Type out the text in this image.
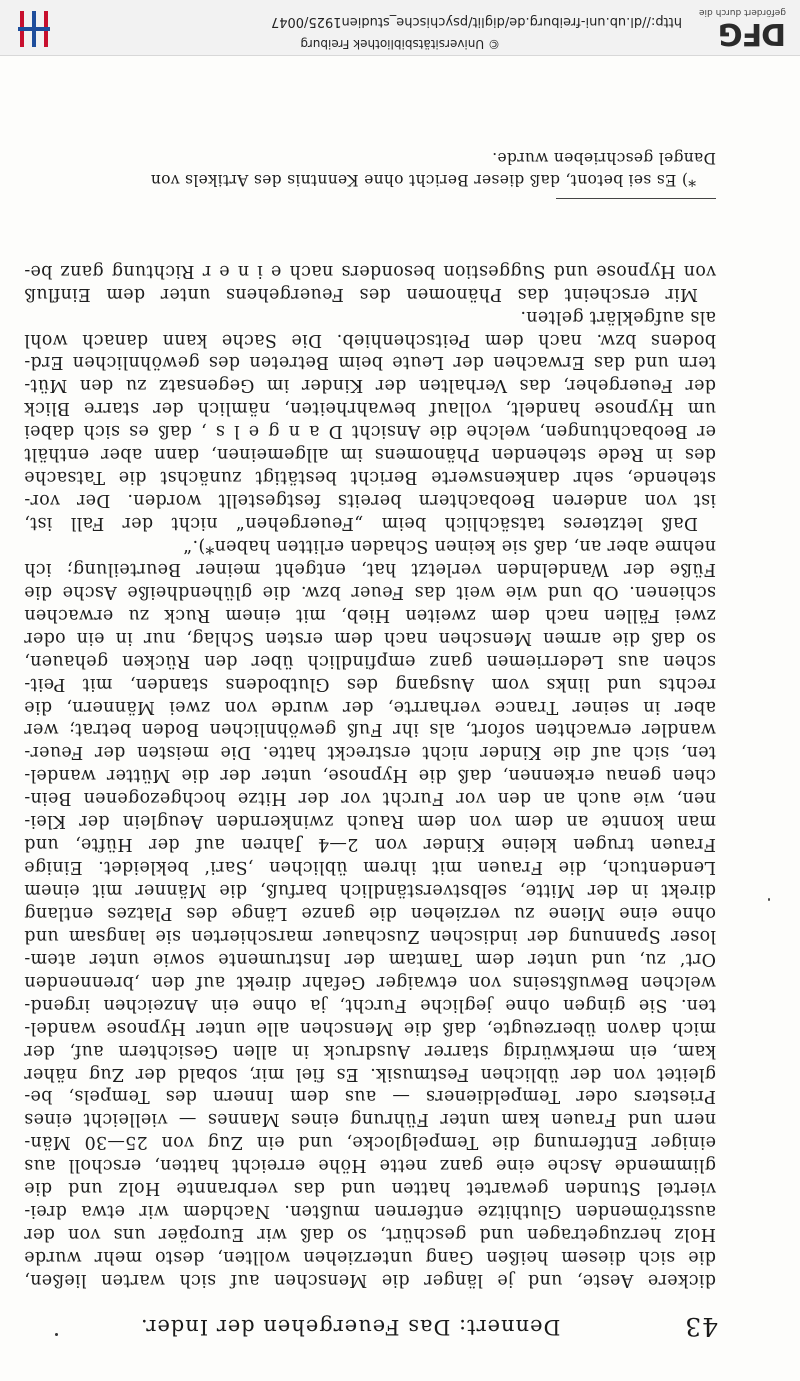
43
Dennert: Das Feuergehen der Inder.
dickere Aeste, und je länger die Menschen auf sich warten ließen,
die sich diesem heißen Gang unterziehen wollten, desto mehr wurde
Holz herzugetragen und geschürt, so daß wir Europäer uns von der
ausströmenden Gluthitze entfernen mußten. Nachdem wir etwa drei-
viertel Stunden gewartet hatten und das verbrannte Holz und die
glimmende Asche eine ganz nette Höhe erreicht hatten, erscholl aus
einiger Entfernung die Tempelglocke, und ein Zug von 25—30 Män-
nern und Frauen kam unter Führung eines Mannes — vielleicht eines
Priesters oder Tempeldieners — aus dem Innern des Tempels, be-
gleitet von der üblichen Festmusik. Es fiel mir, sobald der Zug näher
kam, ein merkwürdig starrer Ausdruck in allen Gesichtern auf, der
mich davon überzeugte, daß die Menschen alle unter Hypnose wandel-
ten. Sie gingen ohne jegliche Furcht, ja ohne ein Anzeichen irgend-
welchen Bewußtseins von etwaiger Gefahr direkt auf den ‚brennenden
Ort‘ zu, und unter dem Tamtam der Instrumente sowie unter atem-
loser Spannung der indischen Zuschauer marschierten sie langsam und
ohne eine Miene zu verziehen die ganze Länge des Platzes entlang
direkt in der Mitte, selbstverständlich barfuß, die Männer mit einem
Lendentuch, die Frauen mit ihrem üblichen ‚Sari‘ bekleidet. Einige
Frauen trugen kleine Kinder von 2—4 Jahren auf der Hüfte, und
man konnte an dem von dem Rauch zwinkernden Aeuglein der Klei-
nen, wie auch an den vor Furcht vor der Hitze hochgezogenen Bein-
chen genau erkennen, daß die Hypnose, unter der die Mütter wandel-
ten, sich auf die Kinder nicht erstreckt hatte. Die meisten der Feuer-
wandler erwachten sofort, als ihr Fuß gewöhnlichen Boden betrat; wer
aber in seiner Trance verharrte, der wurde von zwei Männern, die
rechts und links vom Ausgang des Glutbodens standen, mit Peit-
schen aus Lederriemen ganz empfindlich über den Rücken gehauen,
so daß die armen Menschen nach dem ersten Schlag, nur in ein oder
zwei Fällen nach dem zweiten Hieb, mit einem Ruck zu erwachen
schienen. Ob und wie weit das Feuer bzw. die glühendheiße Asche die
Füße der Wandelnden verletzt hat, entgeht meiner Beurteilung; ich
nehme aber an, daß sie keinen Schaden erlitten haben*).“
Daß letzteres tatsächlich beim „Feuergehen“ nicht der Fall ist,
ist von anderen Beobachtern bereits festgestellt worden. Der vor-
stehende, sehr dankenswerte Bericht bestätigt zunächst die Tatsache
des in Rede stehenden Phänomens im allgemeinen, dann aber enthält
er Beobachtungen, welche die Ansicht D a n g e l s , daß es sich dabei
um Hypnose handelt, vollauf bewahrheiten, nämlich der starre Blick
der Feuergeher, das Verhalten der Kinder im Gegensatz zu den Müt-
tern und das Erwachen der Leute beim Betreten des gewöhnlichen Erd-
bodens bzw. nach dem Peitschenhieb. Die Sache kann danach wohl
als aufgeklärt gelten.
Mir erscheint das Phänomen des Feuergehens unter dem Einfluß
von Hypnose und Suggestion besonders nach e i n e r Richtung ganz be-
*) Es sei betont, daß dieser Bericht ohne Kenntnis des Artikels von
Dangel geschrieben wurde.
DFG
gefördert durch die
© Universitätsbibliothek Freiburg
http://dl.ub.uni-freiburg.de/diglit/psychische_studien1925/0047
